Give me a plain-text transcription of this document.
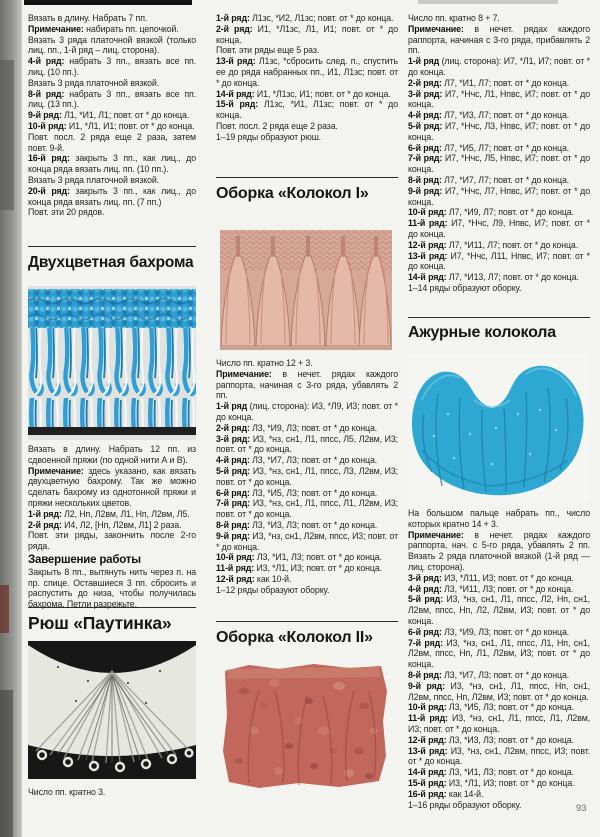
Вязать в длину. Набрать 7 пп.

Примечание: набирать пп. цепочкой.

Вязать 3 ряда платочной вязкой (только лиц. пп., 1-й ряд – лиц. сторона).

4-й ряд: набрать 3 пп., вязать все пп. лиц. (10 пп.).

Вязать 3 ряда платочной вязкой.

8-й ряд: набрать 3 пп., вязать все пп. лиц. (13 пп.).

9-й ряд: Л1, *И1, Л1; повт. от * до конца.

10-й ряд: И1, *Л1, И1; повт. от * до конца.

Повт. посл. 2 ряда еще 2 раза, затем повт. 9-й.

16-й ряд: закрыть 3 пп., как лиц., до конца ряда вязать лиц. пп. (10 пп.).

Вязать 3 ряда платочной вязкой.

20-й ряд: закрыть 3 пп., как лиц., до конца ряда вязать лиц. пп. (7 пп.)

Повт. эти 20 рядов.

Двухцветная бахрома

Вязать в длину. Набрать 12 пп. из сдвоенной пряжи (по одной нити А и В).

Примечание: здесь указано, как вязать двухцветную бахрому. Так же можно сделать бахрому из однотонной пряжи и пряжи нескольких цветов.

1-й ряд: Л2, Нп, Л2вм, Л1, Нп, Л2вм, Л5.

2-й ряд: И4, Л2, [Нп, Л2вм, Л1] 2 раза.

Повт. эти ряды, закончить после 2-го ряда.

Завершение работы

Закрыть 8 пп., вытянуть нить через п. на пр. спице. Оставшиеся 3 пп. сбросить и распустить до низа, чтобы получилась бахрома. Петли разрежьте.

Рюш «Паутинка»

Число пп. кратно 3.

1-й ряд: Л1зс, *И2, Л1зс; повт. от * до конца.

2-й ряд: И1, *Л1зс, Л1, И1; повт. от * до конца.

Повт. эти ряды еще 5 раз.

13-й ряд: Л1зс, *сбросить след. п., спустить ее до ряда набранных пп., И1, Л1зс; повт. от * до конца.

14-й ряд: И1, *Л1зс, И1; повт. от * до конца.

15-й ряд: Л1зс, *И1, Л1зс; повт. от * до конца.

Повт. посл. 2 ряда еще 2 раза.

1–19 ряды образуют рюш.

Оборка «Колокол I»

Число пп. кратно 12 + 3.

Примечание: в нечет. рядах каждого раппорта, начиная с 3-го ряда, убавлять 2 пп.

1-й ряд (лиц. сторона): И3, *Л9, И3; повт. от * до конца.

2-й ряд: Л3, *И9, Л3; повт. от * до конца.

3-й ряд: И3, *нз, сн1, Л1, ппсс, Л5, Л2вм, И3; повт. от * до конца.

4-й ряд: Л3, *И7, Л3; повт. от * до конца.

5-й ряд: И3, *нз, сн1, Л1, ппсс, Л3, Л2вм, И3; повт. от * до конца.

6-й ряд: Л3, *И5, Л3; повт. от * до конца.

7-й ряд: И3, *нз, сн1, Л1, ппсс, Л1, Л2вм, И3; повт. от * до конца.

8-й ряд: Л3, *И3, Л3; повт. от * до конца.

9-й ряд: И3, *нз, сн1, Л2вм, ппсс, И3; повт. от * до конца.

10-й ряд: Л3, *И1, Л3; повт. от * до конца.

11-й ряд: И3, *Л1, И3; повт. от * до конца.

12-й ряд: как 10-й.

1–12 ряды образуют оборку.

Оборка «Колокол II»

Число пп. кратно 8 + 7.

Примечание: в нечет. рядах каждого раппорта, начиная с 3-го ряда, прибавлять 2 пп.

1-й ряд (лиц. сторона): И7, *Л1, И7; повт. от * до конца.

2-й ряд: Л7, *И1, Л7; повт. от * до конца.

3-й ряд: И7, *Нчс, Л1, Нпвс, И7; повт. от * до конца.

4-й ряд: Л7, *И3, Л7; повт. от * до конца.

5-й ряд: И7, *Нчс, Л3, Нпвс, И7; повт. от * до конца.

6-й ряд: Л7, *И5, Л7; повт. от * до конца.

7-й ряд: И7, *Нчс, Л5, Нпвс, И7; повт. от * до конца.

8-й ряд: Л7, *И7, Л7; повт. от * до конца.

9-й ряд: И7, *Нчс, Л7, Нпвс, И7; повт. от * до конца.

10-й ряд: Л7, *И9, Л7; повт. от * до конца.

11-й ряд: И7, *Нчс, Л9, Нпвс, И7; повт. от * до конца.

12-й ряд: Л7, *И11, Л7; повт. от * до конца.

13-й ряд: И7, *Нчс, Л11, Нпвс, И7; повт. от * до конца.

14-й ряд: Л7, *И13, Л7; повт. от * до конца.

1–14 ряды образуют оборку.

Ажурные колокола

На большом пальце набрать пп., число которых кратно 14 + 3.

Примечание: в нечет. рядах каждого раппорта, нач. с 5-го ряда, убавлять 2 пп. Вязать 2 ряда платочной вязкой (1-й ряд — лиц. сторона).

3-й ряд: И3, *Л11, И3; повт. от * до конца.

4-й ряд: Л3, *И11, Л3; повт. от * до конца.

5-й ряд: И3, *нз, сн1, Л1, ппсс, Л2, Нп, сн1, Л2вм, ппсс, Нп, Л2, Л2вм, И3; повт. от * до конца.

6-й ряд: Л3, *И9, Л3; повт. от * до конца.

7-й ряд: И3, *нз, сн1, Л1, ппсс, Л1, Нп, сн1, Л2вм, ппсс, Нп, Л1, Л2вм, И3; повт. от * до конца.

8-й ряд: Л3, *И7, Л3; повт. от * до конца.

9-й ряд: И3, *нз, сн1, Л1, ппсс, Нп, сн1, Л2вм, ппсс, Нп, Л2вм, И3; повт. от * до конца.

10-й ряд: Л3, *И5, Л3; повт. от * до конца.

11-й ряд: И3, *нз, сн1, Л1, ппсс, Л1, Л2вм, И3; повт. от * до конца.

12-й ряд: Л3, *И3, Л3; повт. от * до конца.

13-й ряд: И3, *нз, сн1, Л2вм, ппсс, И3; повт. от * до конца.

14-й ряд: Л3, *И1, Л3; повт. от * до конца.

15-й ряд: И3, *Л1, И3; повт. от * до конца.

16-й ряд: как 14-й.

1–16 ряды образуют оборку.	93
